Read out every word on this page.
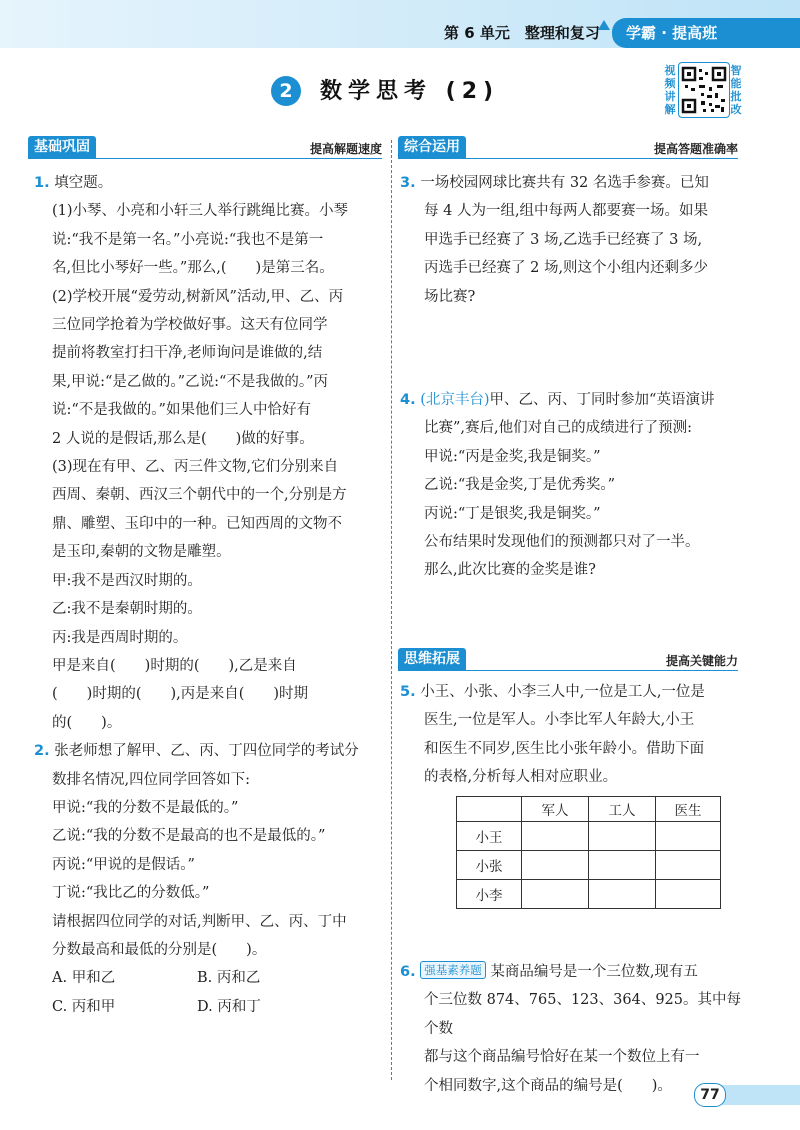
第 6 单元　整理和复习	学霸 · 提高班
2	数学思考 (2)
视频讲解
智能批改
基础巩固	提高解题速度

1. 填空题。

(1)小琴、小亮和小轩三人举行跳绳比赛。小琴

说:“我不是第一名。”小亮说:“我也不是第一

名,但比小琴好一些。”那么,(　　)是第三名。

(2)学校开展“爱劳动,树新风”活动,甲、乙、丙

三位同学抢着为学校做好事。这天有位同学

提前将教室打扫干净,老师询问是谁做的,结

果,甲说:“是乙做的。”乙说:“不是我做的。”丙

说:“不是我做的。”如果他们三人中恰好有

2 人说的是假话,那么是(　　)做的好事。

(3)现在有甲、乙、丙三件文物,它们分别来自

西周、秦朝、西汉三个朝代中的一个,分别是方

鼎、雕塑、玉印中的一种。已知西周的文物不

是玉印,秦朝的文物是雕塑。

甲:我不是西汉时期的。

乙:我不是秦朝时期的。

丙:我是西周时期的。

甲是来自(　　)时期的(　　),乙是来自

(　　)时期的(　　),丙是来自(　　)时期

的(　　)。

2. 张老师想了解甲、乙、丙、丁四位同学的考试分

数排名情况,四位同学回答如下:

甲说:“我的分数不是最低的。”

乙说:“我的分数不是最高的也不是最低的。”

丙说:“甲说的是假话。”

丁说:“我比乙的分数低。”

请根据四位同学的对话,判断甲、乙、丙、丁中

分数最高和最低的分别是(　　)。

A. 甲和乙	B. 丙和乙
C. 丙和甲	D. 丙和丁
综合运用	提高答题准确率

3. 一场校园网球比赛共有 32 名选手参赛。已知

每 4 人为一组,组中每两人都要赛一场。如果

甲选手已经赛了 3 场,乙选手已经赛了 3 场,

丙选手已经赛了 2 场,则这个小组内还剩多少

场比赛?

4. (北京丰台)甲、乙、丙、丁同时参加“英语演讲

比赛”,赛后,他们对自己的成绩进行了预测:

甲说:“丙是金奖,我是铜奖。”

乙说:“我是金奖,丁是优秀奖。”

丙说:“丁是银奖,我是铜奖。”

公布结果时发现他们的预测都只对了一半。

那么,此次比赛的金奖是谁?

思维拓展	提高关键能力

5. 小王、小张、小李三人中,一位是工人,一位是

医生,一位是军人。小李比军人年龄大,小王

和医生不同岁,医生比小张年龄小。借助下面

的表格,分析每人相对应职业。

	军人	工人	医生
小王			
小张			
小李			

6. 强基素养题 某商品编号是一个三位数,现有五

个三位数 874、765、123、364、925。其中每个数

都与这个商品编号恰好在某一个数位上有一

个相同数字,这个商品的编号是(　　)。

77
